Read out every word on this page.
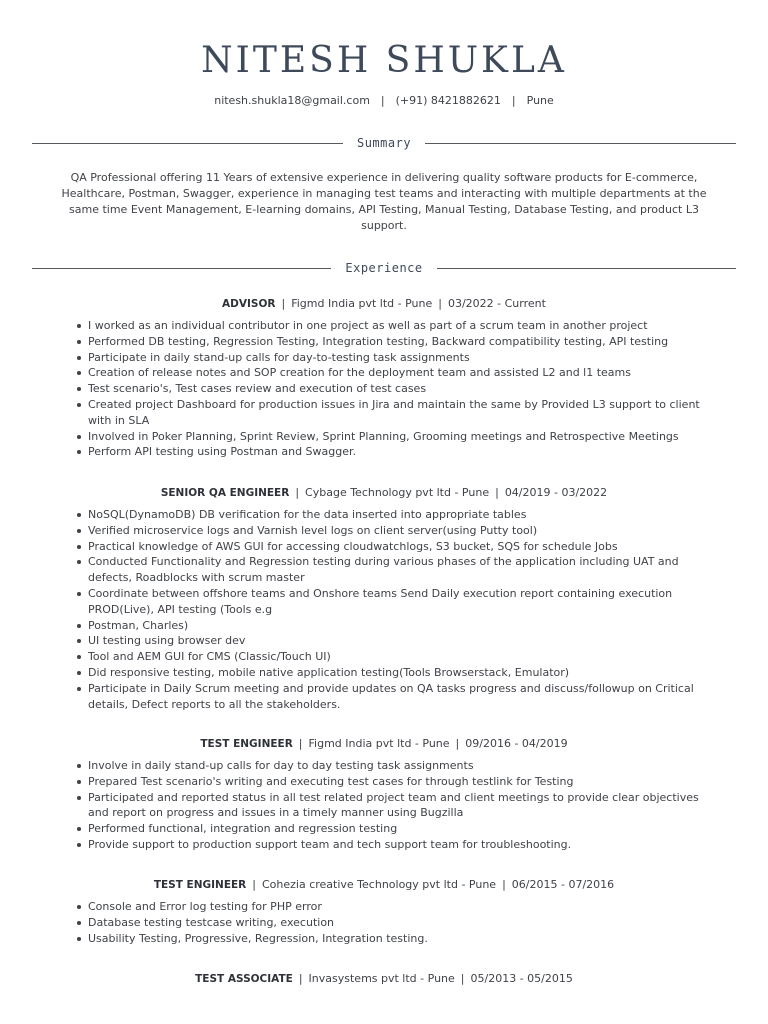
NITESH SHUKLA
nitesh.shukla18@gmail.com | (+91) 8421882621 | Pune
Summary
QA Professional offering 11 Years of extensive experience in delivering quality software products for E-commerce, Healthcare, Postman, Swagger, experience in managing test teams and interacting with multiple departments at the same time Event Management, E-learning domains, API Testing, Manual Testing, Database Testing, and product L3 support.
Experience
ADVISOR | Figmd India pvt ltd - Pune | 03/2022 - Current
I worked as an individual contributor in one project as well as part of a scrum team in another project
Performed DB testing, Regression Testing, Integration testing, Backward compatibility testing, API testing
Participate in daily stand-up calls for day-to-testing task assignments
Creation of release notes and SOP creation for the deployment team and assisted L2 and l1 teams
Test scenario's, Test cases review and execution of test cases
Created project Dashboard for production issues in Jira and maintain the same by Provided L3 support to client with in SLA
Involved in Poker Planning, Sprint Review, Sprint Planning, Grooming meetings and Retrospective Meetings
Perform API testing using Postman and Swagger.
SENIOR QA ENGINEER | Cybage Technology pvt ltd - Pune | 04/2019 - 03/2022
NoSQL(DynamoDB) DB verification for the data inserted into appropriate tables
Verified microservice logs and Varnish level logs on client server(using Putty tool)
Practical knowledge of AWS GUI for accessing cloudwatchlogs, S3 bucket, SQS for schedule Jobs
Conducted Functionality and Regression testing during various phases of the application including UAT and defects, Roadblocks with scrum master
Coordinate between offshore teams and Onshore teams Send Daily execution report containing execution PROD(Live), API testing (Tools e.g
Postman, Charles)
UI testing using browser dev
Tool and AEM GUI for CMS (Classic/Touch UI)
Did responsive testing, mobile native application testing(Tools Browserstack, Emulator)
Participate in Daily Scrum meeting and provide updates on QA tasks progress and discuss/followup on Critical details, Defect reports to all the stakeholders.
TEST ENGINEER | Figmd India pvt ltd - Pune | 09/2016 - 04/2019
Involve in daily stand-up calls for day to day testing task assignments
Prepared Test scenario's writing and executing test cases for through testlink for Testing
Participated and reported status in all test related project team and client meetings to provide clear objectives and report on progress and issues in a timely manner using Bugzilla
Performed functional, integration and regression testing
Provide support to production support team and tech support team for troubleshooting.
TEST ENGINEER | Cohezia creative Technology pvt ltd - Pune | 06/2015 - 07/2016
Console and Error log testing for PHP error
Database testing testcase writing, execution
Usability Testing, Progressive, Regression, Integration testing.
TEST ASSOCIATE | Invasystems pvt ltd - Pune | 05/2013 - 05/2015
